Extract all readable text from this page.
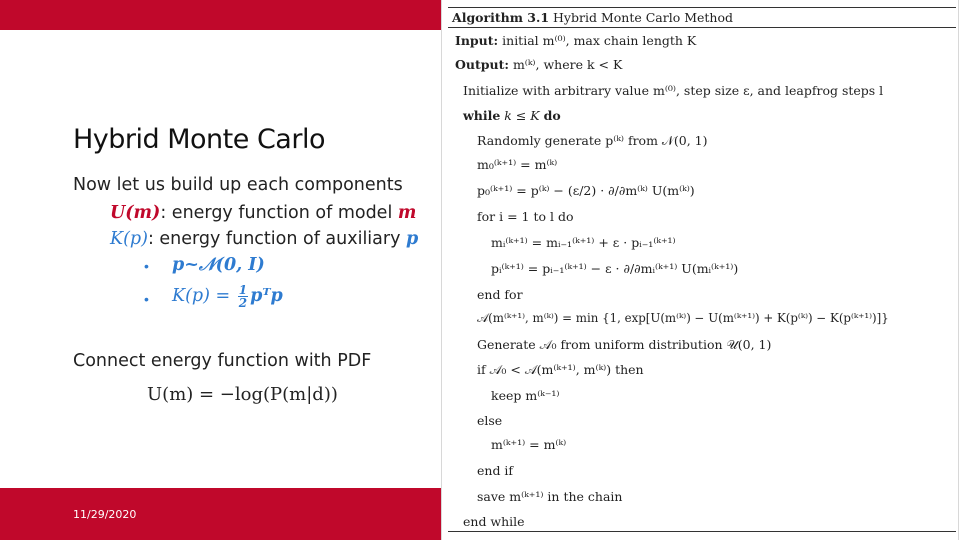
11/29/2020
Hybrid Monte Carlo
Now let us build up each components
U(m): energy function of model m
K(p): energy function of auxiliary p
• p~𝒩(0, I)
• $K(p) = \frac{1}{2}$ pᵀp
Connect energy function with PDF
U(m) = −log(P(m|d))
Algorithm 3.1 Hybrid Monte Carlo Method
Input: initial m⁽⁰⁾, max chain length K
Output: m⁽ᵏ⁾, where k < K
Initialize with arbitrary value m⁽⁰⁾, step size ε, and leapfrog steps l
while k ≤ K do
Randomly generate p⁽ᵏ⁾ from 𝒩(0, 1)
m₀⁽ᵏ⁺¹⁾ = m⁽ᵏ⁾
p₀⁽ᵏ⁺¹⁾ = p⁽ᵏ⁾ − (ε/2) · ∂/∂m⁽ᵏ⁾ U(m⁽ᵏ⁾)
for i = 1 to l do
mᵢ⁽ᵏ⁺¹⁾ = mᵢ₋₁⁽ᵏ⁺¹⁾ + ε · pᵢ₋₁⁽ᵏ⁺¹⁾
pᵢ⁽ᵏ⁺¹⁾ = pᵢ₋₁⁽ᵏ⁺¹⁾ − ε · ∂/∂mᵢ⁽ᵏ⁺¹⁾ U(mᵢ⁽ᵏ⁺¹⁾)
end for
𝒜(m⁽ᵏ⁺¹⁾, m⁽ᵏ⁾) = min {1, exp[U(m⁽ᵏ⁾) − U(m⁽ᵏ⁺¹⁾) + K(p⁽ᵏ⁾) − K(p⁽ᵏ⁺¹⁾)]}
Generate 𝒜₀ from uniform distribution 𝒰(0, 1)
if 𝒜₀ < 𝒜(m⁽ᵏ⁺¹⁾, m⁽ᵏ⁾) then
keep m⁽ᵏ⁻¹⁾
else
m⁽ᵏ⁺¹⁾ = m⁽ᵏ⁾
end if
save m⁽ᵏ⁺¹⁾ in the chain
end while
